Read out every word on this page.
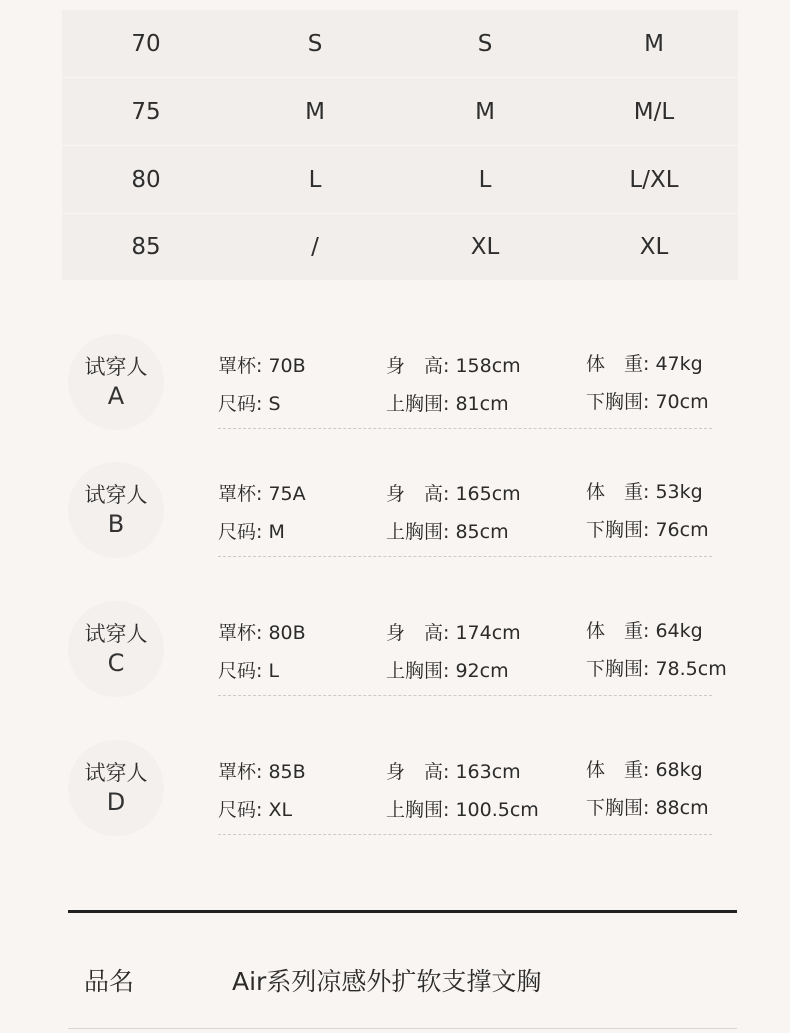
70	S	S	M
75	M	M	M/L
80	L	L	L/XL
85	/	XL	XL
试穿人
A
罩杯: 70B	身　高: 158cm	体　重: 47kg
尺码: S	上胸围: 81cm	下胸围: 70cm
试穿人
B
罩杯: 75A	身　高: 165cm	体　重: 53kg
尺码: M	上胸围: 85cm	下胸围: 76cm
试穿人
C
罩杯: 80B	身　高: 174cm	体　重: 64kg
尺码: L	上胸围: 92cm	下胸围: 78.5cm
试穿人
D
罩杯: 85B	身　高: 163cm	体　重: 68kg
尺码: XL	上胸围: 100.5cm 下胸围: 88cm
品名	Air系列凉感外扩软支撑文胸
